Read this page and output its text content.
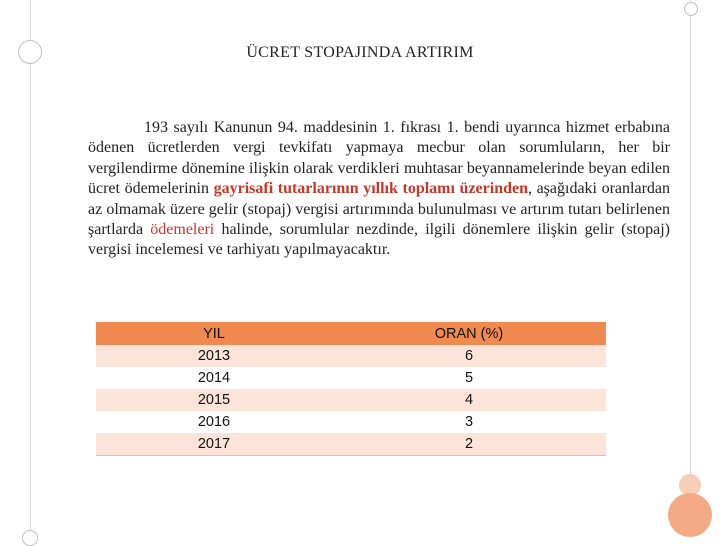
ÜCRET STOPAJINDA ARTIRIM

193 sayılı Kanunun 94. maddesinin 1. fıkrası 1. bendi uyarınca hizmet erbabına ödenen ücretlerden vergi tevkifatı yapmaya mecbur olan sorumluların, her bir vergilendirme dönemine ilişkin olarak verdikleri muhtasar beyannamelerinde beyan edilen ücret ödemelerinin gayrisafi tutarlarının yıllık toplamı üzerinden, aşağıdaki oranlardan az olmamak üzere gelir (stopaj) vergisi artırımında bulunulması ve artırım tutarı belirlenen şartlarda ödemeleri halinde, sorumlular nezdinde, ilgili dönemlere ilişkin gelir (stopaj) vergisi incelemesi ve tarhiyatı yapılmayacaktır.

YIL	ORAN (%)
2013	6
2014	5
2015	4
2016	3
2017	2
